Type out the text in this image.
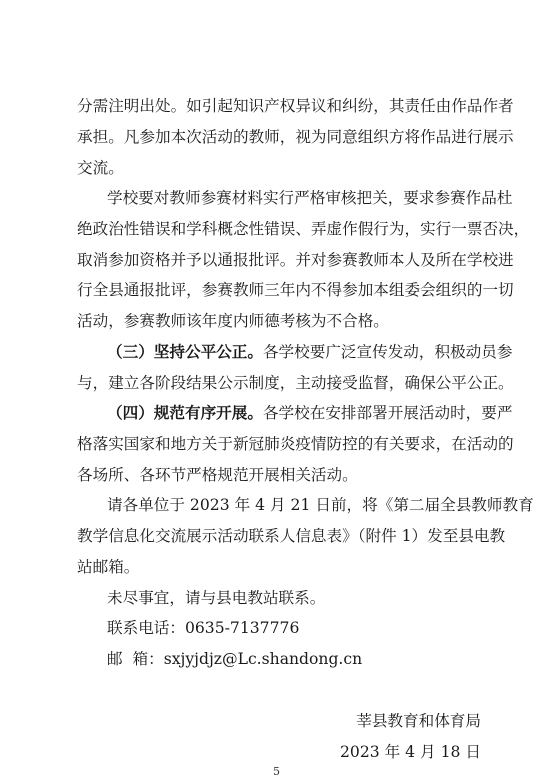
分需注明出处。如引起知识产权异议和纠纷，其责任由作品作者
承担。凡参加本次活动的教师，视为同意组织方将作品进行展示
交流。
学校要对教师参赛材料实行严格审核把关，要求参赛作品杜
绝政治性错误和学科概念性错误、弄虚作假行为，实行一票否决，
取消参加资格并予以通报批评。并对参赛教师本人及所在学校进
行全县通报批评，参赛教师三年内不得参加本组委会组织的一切
活动，参赛教师该年度内师德考核为不合格。
（三）坚持公平公正。各学校要广泛宣传发动，积极动员参
与，建立各阶段结果公示制度，主动接受监督，确保公平公正。
（四）规范有序开展。各学校在安排部署开展活动时，要严
格落实国家和地方关于新冠肺炎疫情防控的有关要求，在活动的
各场所、各环节严格规范开展相关活动。
请各单位于 2023 年 4 月 21 日前，将《第二届全县教师教育
教学信息化交流展示活动联系人信息表》（附件 1）发至县电教
站邮箱。
未尽事宜，请与县电教站联系。
联系电话：0635-7137776
邮  箱：sxjyjdjz@Lc.shandong.cn
莘县教育和体育局
2023 年 4 月 18 日
5
